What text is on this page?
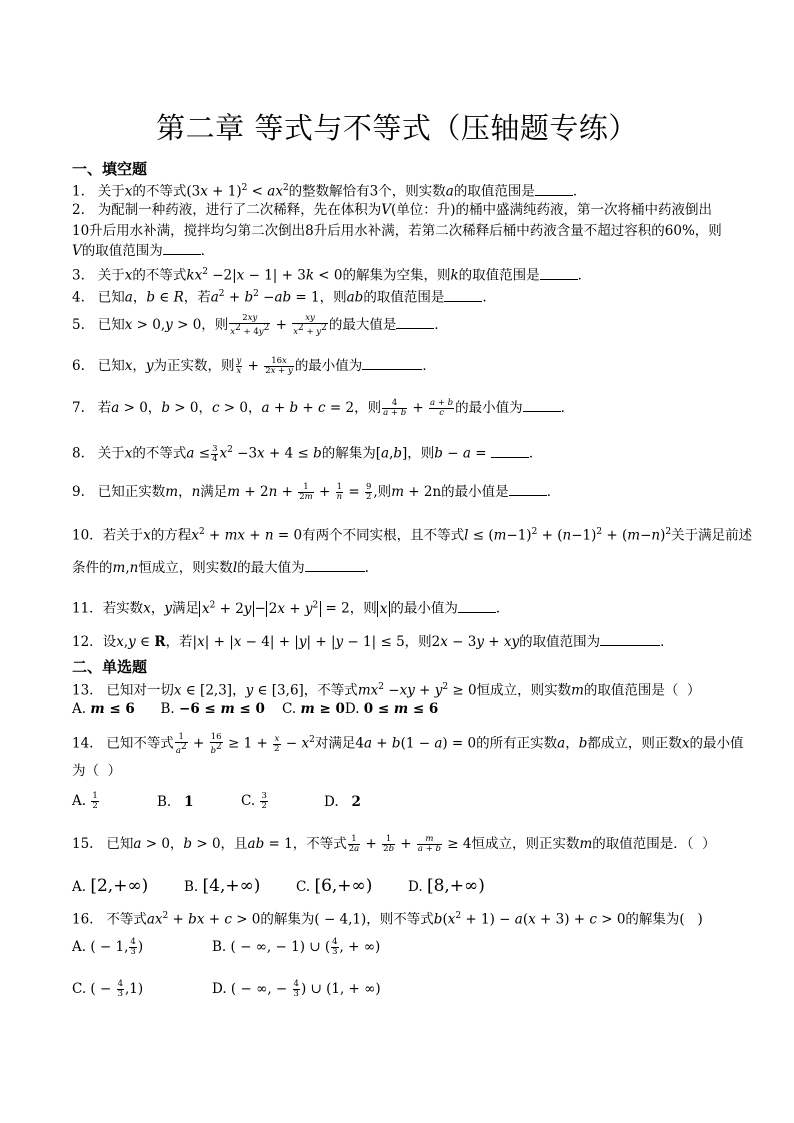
第二章 等式与不等式（压轴题专练）
一、填空题
1.   关于x的不等式$(3x + 1)^2 < ax^2$的整数解恰有3个，则实数a的取值范围是	．
2.   为配制一种药液，进行了二次稀释，先在体积为V(单位：升)的桶中盛满纯药液，第一次将桶中药液倒出10升后用水补满，搅拌均匀第二次倒出8升后用水补满，若第二次稀释后桶中药液含量不超过容积的60%，则V的取值范围为	．
3.   关于x的不等式$kx^2 -2|x - 1| + 3k < 0$的解集为空集，则k的取值范围是	．
4.   已知a，b ∈ R，若$a^2 + b^2 -ab = 1$，则ab的取值范围是	.
5.   已知x > 0,y > 0，则 $\frac{2xy}{x^2 + 4y^2} + \frac{xy}{x^2 + y^2}$ 的最大值是	．
6.   已知x，y为正实数，则 $\frac{y}{x} + \frac{16x}{2x + y}$ 的最小值为	．
7.   若a > 0，b > 0，c > 0，a + b + c = 2，则 $\frac{4}{a + b} + \frac{a + b}{c}$ 的最小值为	．
8.   关于x的不等式$a \le \frac{3}{4} x^2 -3x + 4 \le b$的解集为[a,b]，则b − a =	．
9.   已知正实数m，n满足$m + 2n + \frac{1}{2m} + \frac{1}{n} = \frac{9}{2}$ ,则m + 2n的最小值是	．
10．若关于x的方程$x^2$ + mx + n = 0有两个不同实根，且不等式$l \le (m-1)^2 + (n-1)^2 + (m-n)^2$关于满足前述
条件的m,n恒成立，则实数l的最大值为	.
11．若实数x，y满足 $x^2 + 2y - 2x + y^2 = 2$，则 x 的最小值为	．
12．设x,y ∈ R，若|x| + |x − 4| + |y| + |y − 1| ≤ 5，则2x − 3y + xy的取值范围为	．
二、单选题
13.   已知对一切x ∈ [2,3]，y ∈ [3,6]，不等式$mx^2 -xy + y^2 \ge 0$恒成立，则实数m的取值范围是（  ）
A. m ≤ 6 B. −6 ≤ m ≤ 0 C. m ≥ 0D. 0 ≤ m ≤ 6
14.   已知不等式 $\frac{1}{a^2} + \frac{16}{b^2} \ge 1 + \frac{x}{2} - x^2$对满足4a + b(1 − a) = 0的所有正实数a，b都成立，则正数x的最小值
为（  ）
A. $\frac{1}{2}$	B. 1	C. $\frac{3}{2}$	D. 2
15.   已知a > 0，b > 0，且ab = 1，不等式 $\frac{1}{2a} + \frac{1}{2b} + \frac{m}{a + b} \ge 4$恒成立，则正实数m的取值范围是．（  ）
A. [2,+∞)	B. [4,+∞)	C. [6,+∞)	D. [8,+∞)
16.   不等式$ax^2$ + bx + c > 0的解集为( − 4,1)，则不等式$b(x^2 + 1) - a(x + 3) + c > 0$的解集为(   )
A. ( − 1, $\frac{4}{3}$ )	B. ( − ∞, − 1) ∪ ( $\frac{4}{3}$ , + ∞)
C. ( − $\frac{4}{3} ,1$)	D. ( − ∞, − $\frac{4}{3}$ ) ∪ (1, + ∞)
